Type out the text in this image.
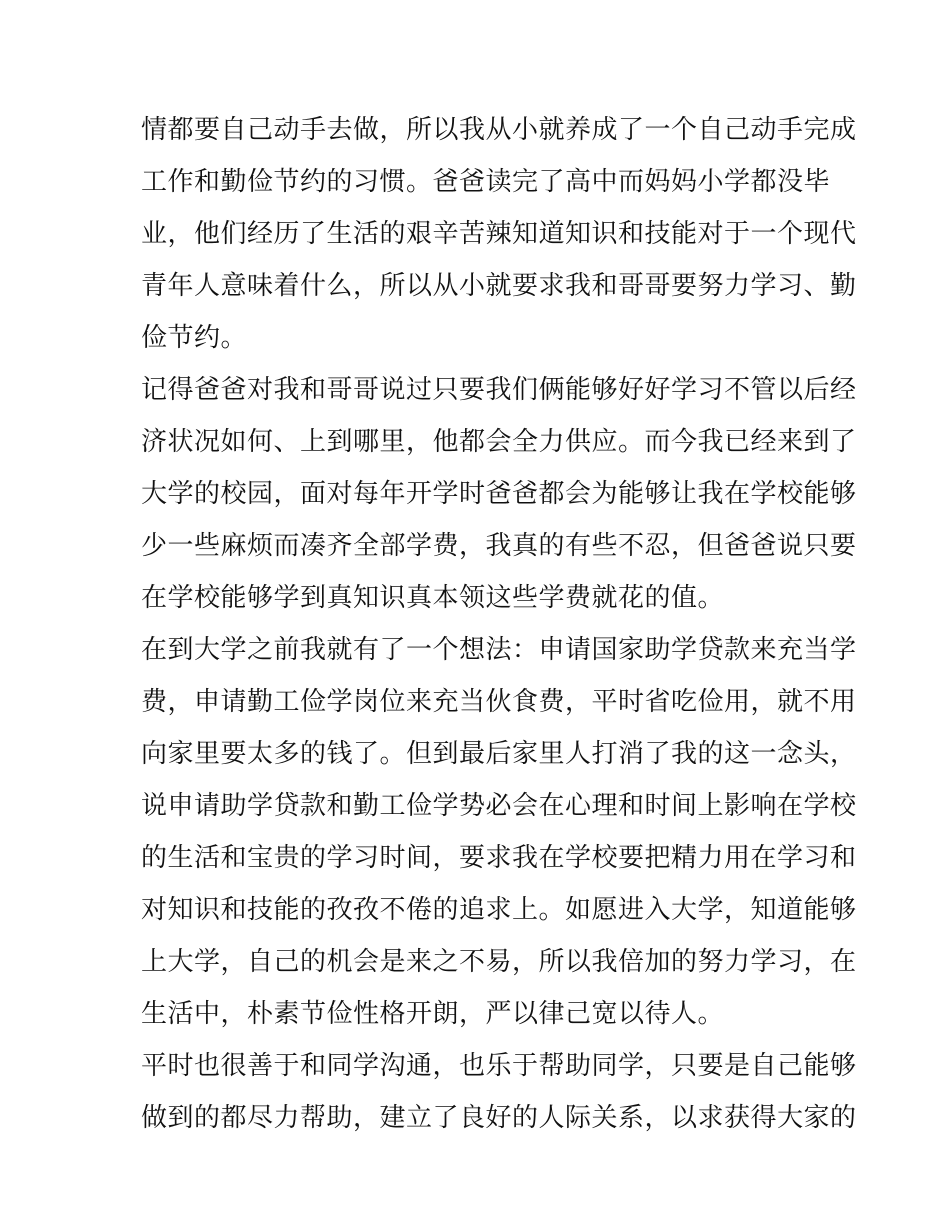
情都要自己动手去做，所以我从小就养成了一个自己动手完成
工作和勤俭节约的习惯。爸爸读完了高中而妈妈小学都没毕
业，他们经历了生活的艰辛苦辣知道知识和技能对于一个现代
青年人意味着什么，所以从小就要求我和哥哥要努力学习、勤
俭节约。
记得爸爸对我和哥哥说过只要我们俩能够好好学习不管以后经
济状况如何、上到哪里，他都会全力供应。而今我已经来到了
大学的校园，面对每年开学时爸爸都会为能够让我在学校能够
少一些麻烦而凑齐全部学费，我真的有些不忍，但爸爸说只要
在学校能够学到真知识真本领这些学费就花的值。
在到大学之前我就有了一个想法：申请国家助学贷款来充当学
费，申请勤工俭学岗位来充当伙食费，平时省吃俭用，就不用
向家里要太多的钱了。但到最后家里人打消了我的这一念头，
说申请助学贷款和勤工俭学势必会在心理和时间上影响在学校
的生活和宝贵的学习时间，要求我在学校要把精力用在学习和
对知识和技能的孜孜不倦的追求上。如愿进入大学，知道能够
上大学，自己的机会是来之不易，所以我倍加的努力学习，在
生活中，朴素节俭性格开朗，严以律己宽以待人。
平时也很善于和同学沟通，也乐于帮助同学，只要是自己能够
做到的都尽力帮助，建立了良好的人际关系，以求获得大家的
